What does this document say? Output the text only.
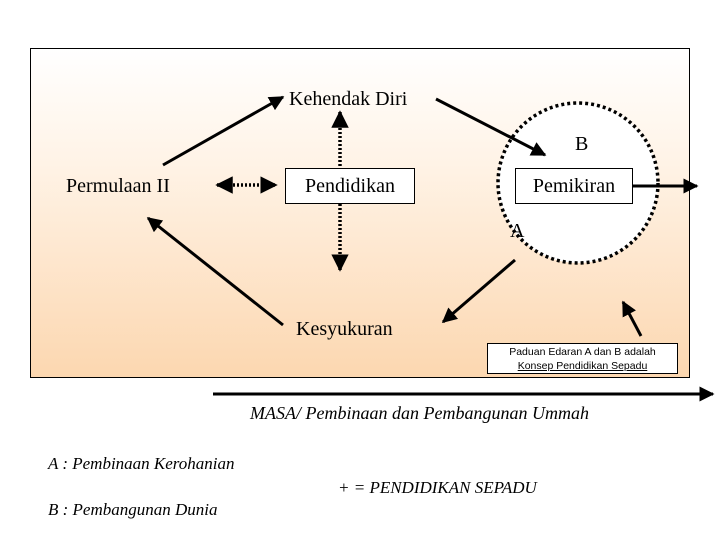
Kehendak Diri
Permulaan II	Pendidikan	Pemikiran
Kesyukuran
B
A
Paduan Edaran A dan B adalah
Konsep Pendidikan Sepadu
MASA/ Pembinaan dan Pembangunan Ummah
A : Pembinaan Kerohanian
+ = PENDIDIKAN SEPADU
B : Pembangunan Dunia
